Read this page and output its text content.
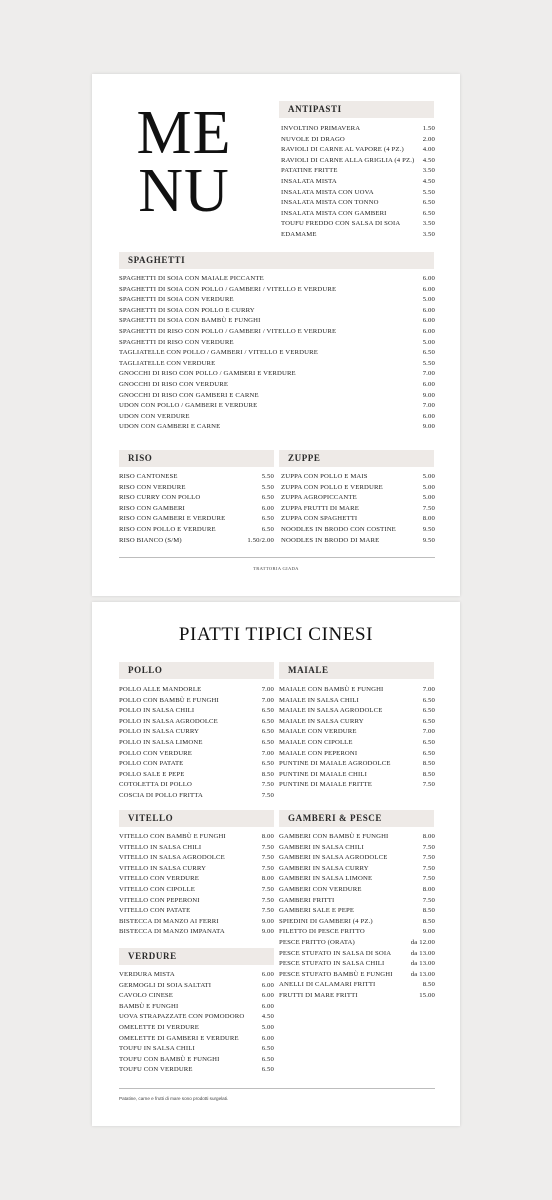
ME
NU
ANTIPASTI
INVOLTINO PRIMAVERA	1.50
NUVOLE DI DRAGO	2.00
RAVIOLI DI CARNE AL VAPORE (4 PZ.)	4.00
RAVIOLI DI CARNE ALLA GRIGLIA (4 PZ.)	4.50
PATATINE FRITTE	3.50
INSALATA MISTA	4.50
INSALATA MISTA CON UOVA	5.50
INSALATA MISTA CON TONNO	6.50
INSALATA MISTA CON GAMBERI	6.50
TOUFU FREDDO CON SALSA DI SOIA	3.50
EDAMAME	3.50
SPAGHETTI
SPAGHETTI DI SOIA CON MAIALE PICCANTE	6.00
SPAGHETTI DI SOIA CON POLLO / GAMBERI / VITELLO E VERDURE	6.00
SPAGHETTI DI SOIA CON VERDURE	5.00
SPAGHETTI DI SOIA CON POLLO E CURRY	6.00
SPAGHETTI DI SOIA CON BAMBÙ E FUNGHI	6.00
SPAGHETTI DI RISO CON POLLO / GAMBERI / VITELLO E VERDURE	6.00
SPAGHETTI DI RISO CON VERDURE	5.00
TAGLIATELLE CON POLLO / GAMBERI / VITELLO E VERDURE	6.50
TAGLIATELLE CON VERDURE	5.50
GNOCCHI DI RISO CON POLLO / GAMBERI E VERDURE	7.00
GNOCCHI DI RISO CON VERDURE	6.00
GNOCCHI DI RISO CON GAMBERI E CARNE	9.00
UDON CON POLLO / GAMBERI E VERDURE	7.00
UDON CON VERDURE	6.00
UDON CON GAMBERI E CARNE	9.00
RISO
RISO CANTONESE	5.50
RISO CON VERDURE	5.50
RISO CURRY CON POLLO	6.50
RISO CON GAMBERI	6.00
RISO CON GAMBERI E VERDURE	6.50
RISO CON POLLO E VERDURE	6.50
RISO BIANCO (S/M)	1.50/2.00
ZUPPE
ZUPPA CON POLLO E MAIS	5.00
ZUPPA CON POLLO E VERDURE	5.00
ZUPPA AGROPICCANTE	5.00
ZUPPA FRUTTI DI MARE	7.50
ZUPPA CON SPAGHETTI	8.00
NOODLES IN BRODO CON COSTINE	9.50
NOODLES IN BRODO DI MARE	9.50
TRATTORIA GIADA
PIATTI TIPICI CINESI
POLLO
POLLO ALLE MANDORLE	7.00
POLLO CON BAMBÙ E FUNGHI	7.00
POLLO IN SALSA CHILI	6.50
POLLO IN SALSA AGRODOLCE	6.50
POLLO IN SALSA CURRY	6.50
POLLO IN SALSA LIMONE	6.50
POLLO CON VERDURE	7.00
POLLO CON PATATE	6.50
POLLO SALE E PEPE	8.50
COTOLETTA DI POLLO	7.50
COSCIA DI POLLO FRITTA	7.50
MAIALE
MAIALE CON BAMBÙ E FUNGHI	7.00
MAIALE IN SALSA CHILI	6.50
MAIALE IN SALSA AGRODOLCE	6.50
MAIALE IN SALSA CURRY	6.50
MAIALE CON VERDURE	7.00
MAIALE CON CIPOLLE	6.50
MAIALE CON PEPERONI	6.50
PUNTINE DI MAIALE AGRODOLCE	8.50
PUNTINE DI MAIALE CHILI	8.50
PUNTINE DI MAIALE FRITTE	7.50
VITELLO
VITELLO CON BAMBÙ E FUNGHI	8.00
VITELLO IN SALSA CHILI	7.50
VITELLO IN SALSA AGRODOLCE	7.50
VITELLO IN SALSA CURRY	7.50
VITELLO CON VERDURE	8.00
VITELLO CON CIPOLLE	7.50
VITELLO CON PEPERONI	7.50
VITELLO CON PATATE	7.50
BISTECCA DI MANZO AI FERRI	9.00
BISTECCA DI MANZO IMPANATA	9.00
GAMBERI & PESCE
GAMBERI CON BAMBÙ E FUNGHI	8.00
GAMBERI IN SALSA CHILI	7.50
GAMBERI IN SALSA AGRODOLCE	7.50
GAMBERI IN SALSA CURRY	7.50
GAMBERI IN SALSA LIMONE	7.50
GAMBERI CON VERDURE	8.00
GAMBERI FRITTI	7.50
GAMBERI SALE E PEPE	8.50
SPIEDINI DI GAMBERI (4 PZ.)	8.50
FILETTO DI PESCE FRITTO	9.00
PESCE FRITTO (ORATA)	da 12.00
PESCE STUFATO IN SALSA DI SOIA	da 13.00
PESCE STUFATO IN SALSA CHILI	da 13.00
PESCE STUFATO BAMBÙ E FUNGHI	da 13.00
ANELLI DI CALAMARI FRITTI	8.50
FRUTTI DI MARE FRITTI	15.00
VERDURE
VERDURA MISTA	6.00
GERMOGLI DI SOIA SALTATI	6.00
CAVOLO CINESE	6.00
BAMBÙ E FUNGHI	6.00
UOVA STRAPAZZATE CON POMODORO	4.50
OMELETTE DI VERDURE	5.00
OMELETTE DI GAMBERI E VERDURE	6.00
TOUFU IN SALSA CHILI	6.50
TOUFU CON BAMBÙ E FUNGHI	6.50
TOUFU CON VERDURE	6.50
Patatine, carne e frutti di mare sono prodotti surgelati.
